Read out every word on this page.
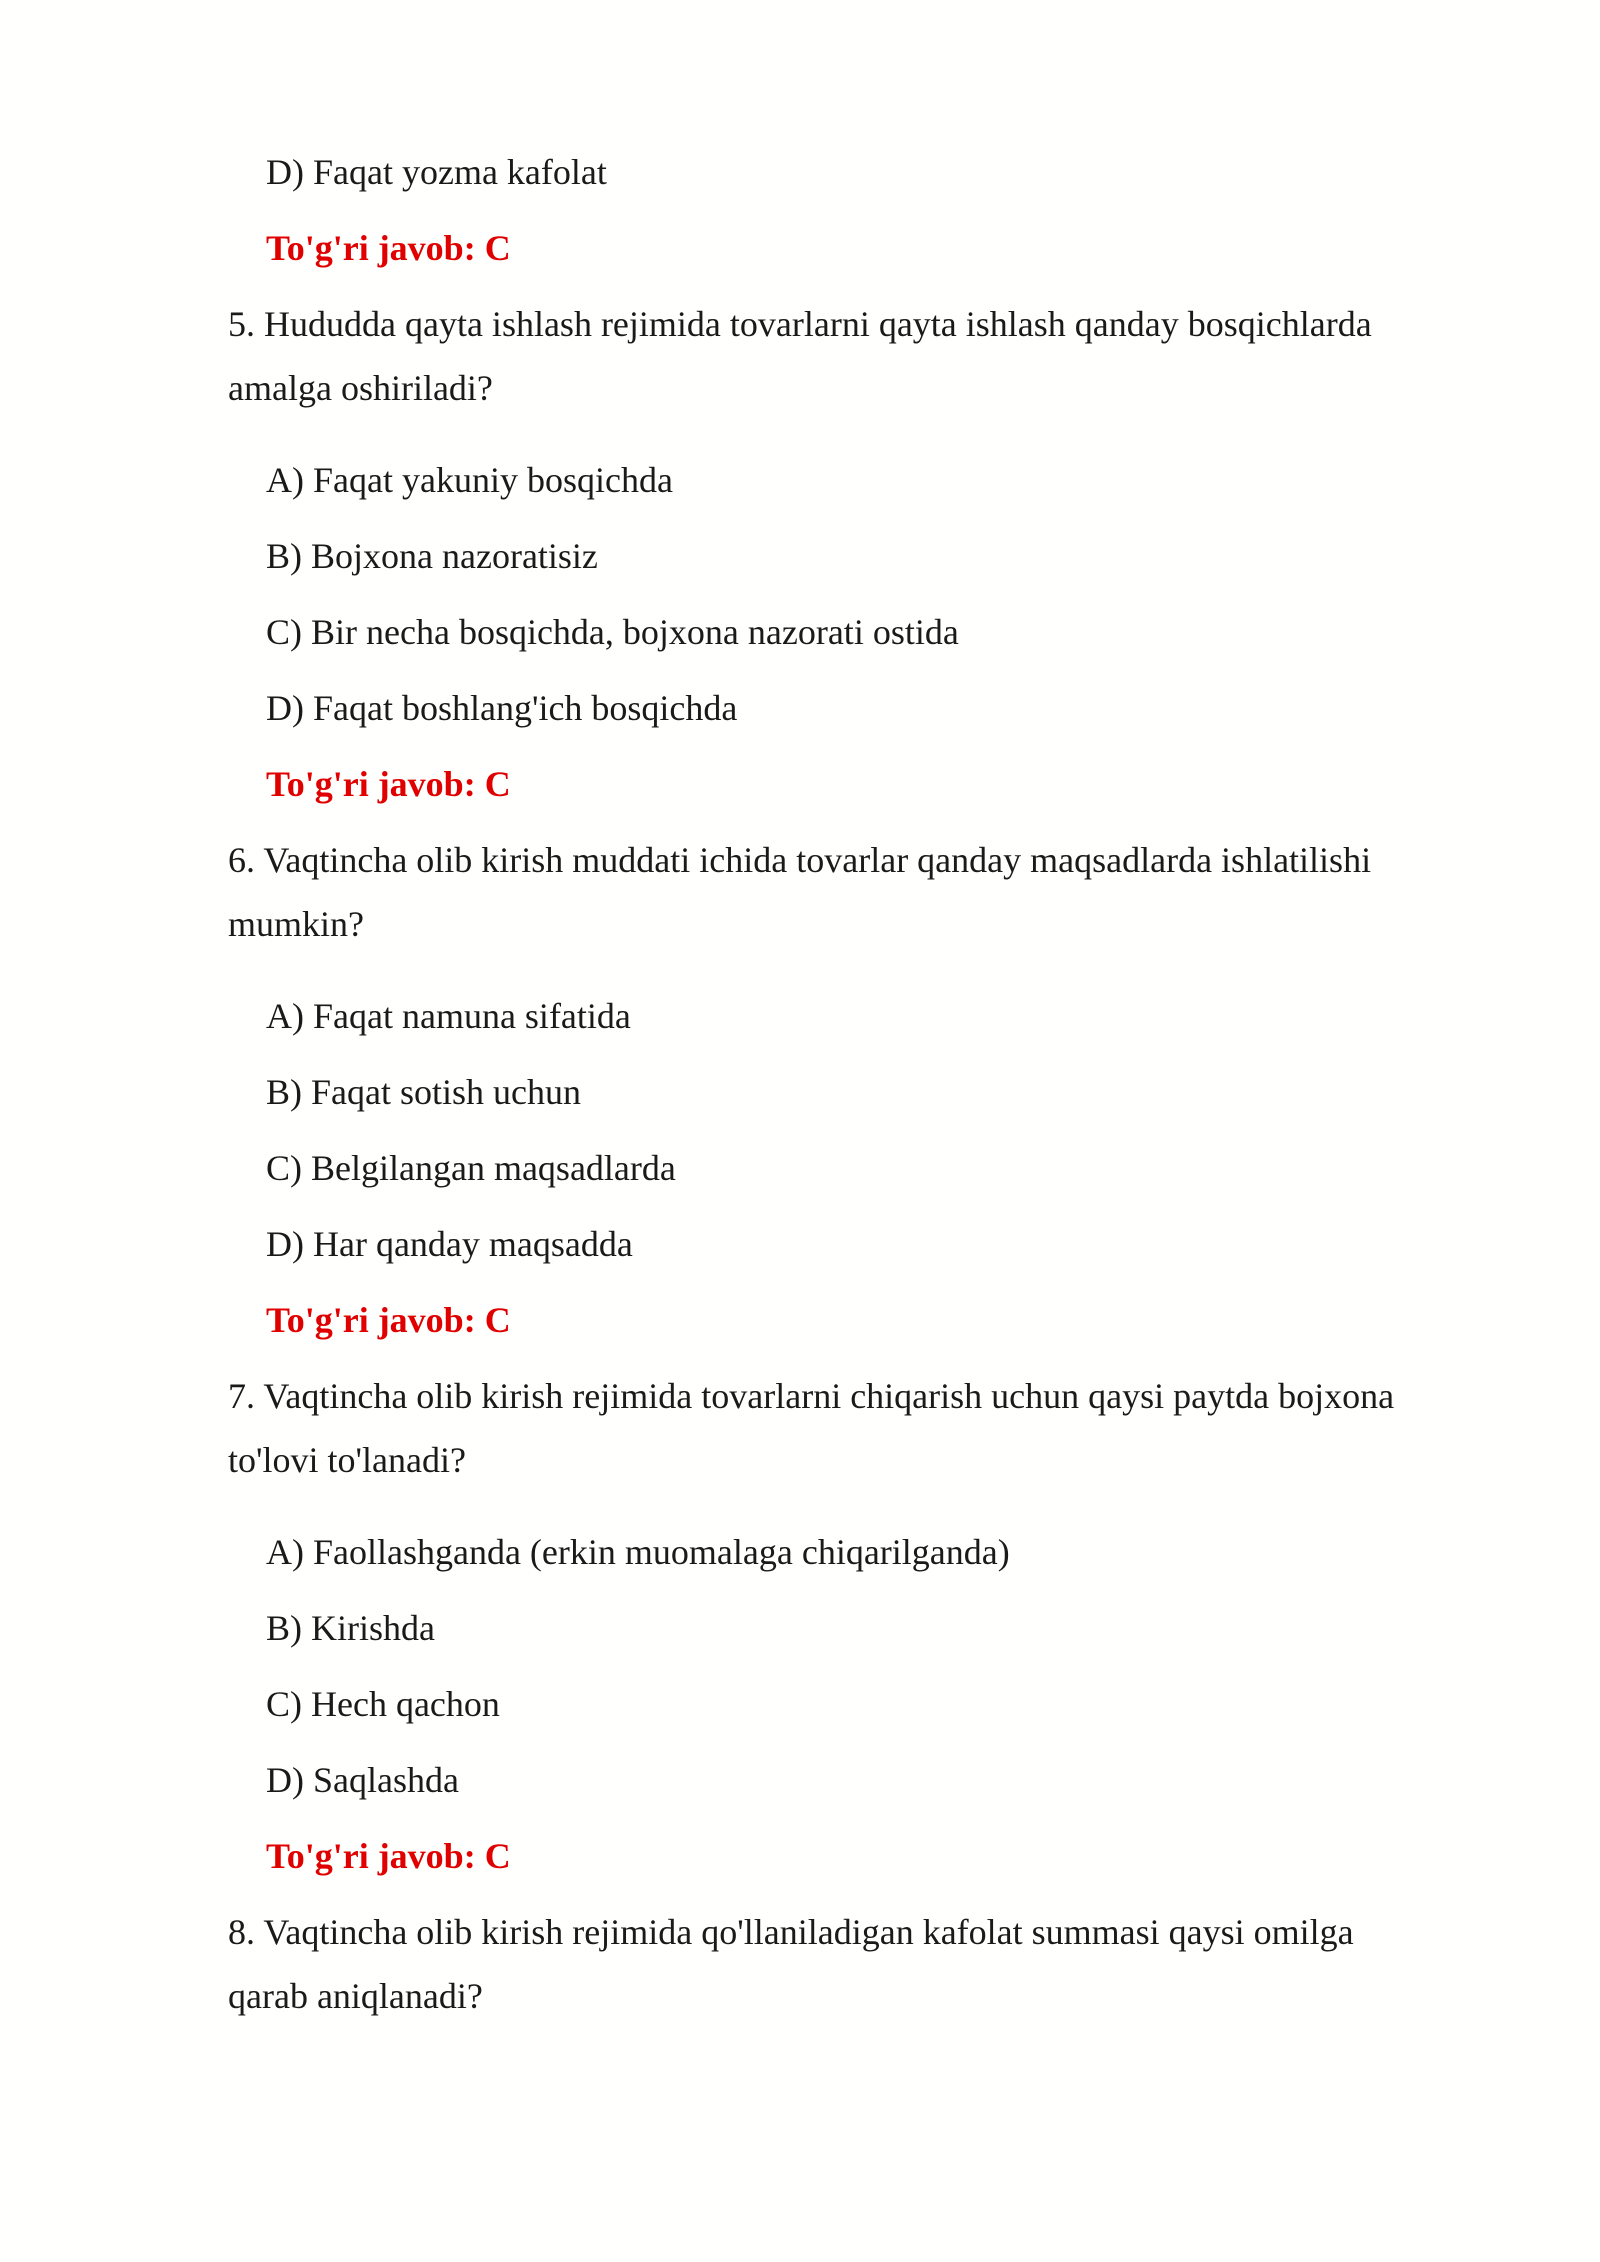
D) Faqat yozma kafolat
To'g'ri javob: C
5. Hududda qayta ishlash rejimida tovarlarni qayta ishlash qanday bosqichlarda
amalga oshiriladi?
A) Faqat yakuniy bosqichda
B) Bojxona nazoratisiz
C) Bir necha bosqichda, bojxona nazorati ostida
D) Faqat boshlang'ich bosqichda
To'g'ri javob: C
6. Vaqtincha olib kirish muddati ichida tovarlar qanday maqsadlarda ishlatilishi
mumkin?
A) Faqat namuna sifatida
B) Faqat sotish uchun
C) Belgilangan maqsadlarda
D) Har qanday maqsadda
To'g'ri javob: C
7. Vaqtincha olib kirish rejimida tovarlarni chiqarish uchun qaysi paytda bojxona
to'lovi to'lanadi?
A) Faollashganda (erkin muomalaga chiqarilganda)
B) Kirishda
C) Hech qachon
D) Saqlashda
To'g'ri javob: C
8. Vaqtincha olib kirish rejimida qo'llaniladigan kafolat summasi qaysi omilga
qarab aniqlanadi?
